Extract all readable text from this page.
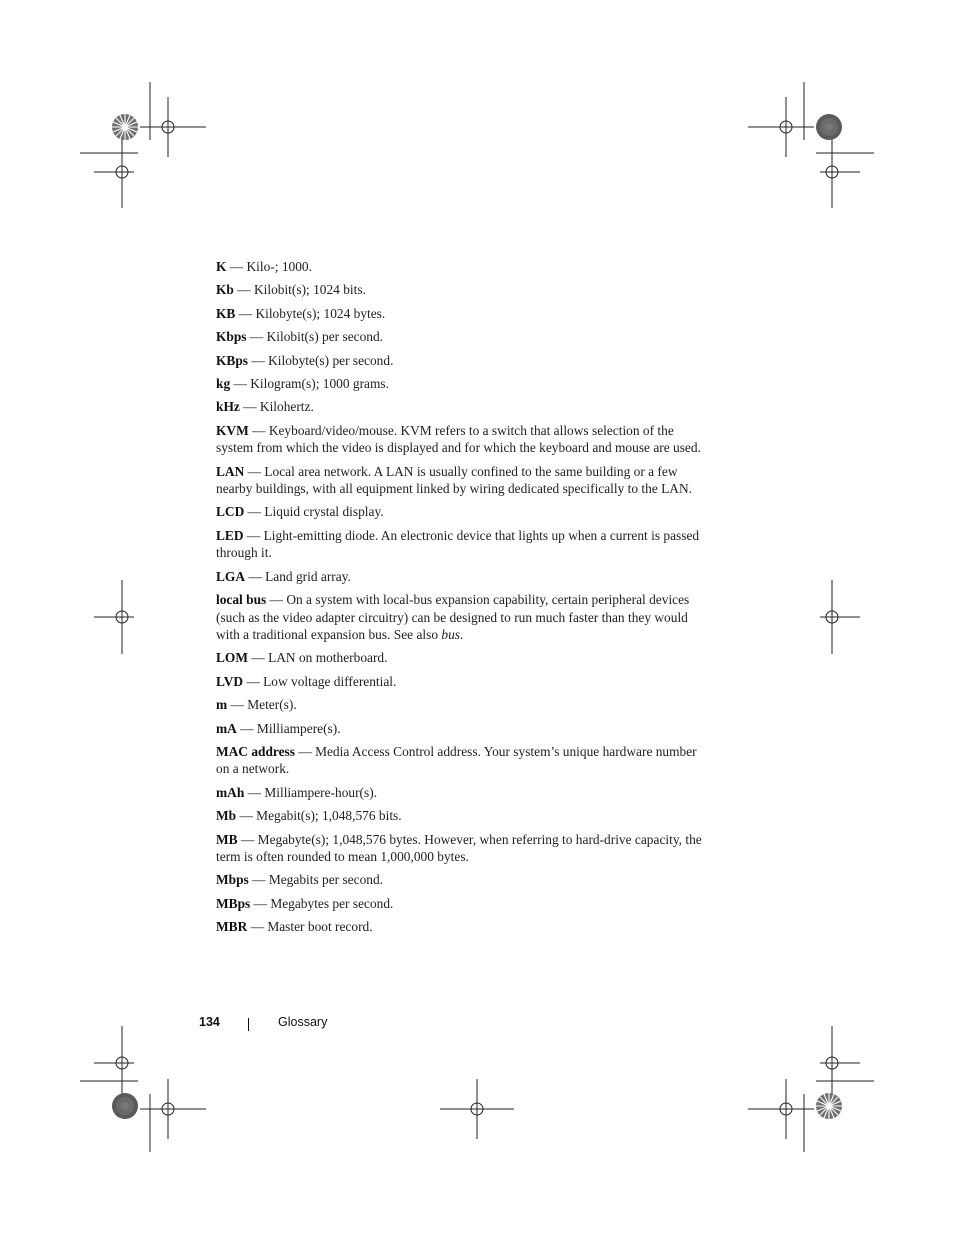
K — Kilo-; 1000.

Kb — Kilobit(s); 1024 bits.

KB — Kilobyte(s); 1024 bytes.

Kbps — Kilobit(s) per second.

KBps — Kilobyte(s) per second.

kg — Kilogram(s); 1000 grams.

kHz — Kilohertz.

KVM — Keyboard/video/mouse. KVM refers to a switch that allows selection of the system from which the video is displayed and for which the keyboard and mouse are used.

LAN — Local area network. A LAN is usually confined to the same building or a few nearby buildings, with all equipment linked by wiring dedicated specifically to the LAN.

LCD — Liquid crystal display.

LED — Light-emitting diode. An electronic device that lights up when a current is passed through it.

LGA — Land grid array.

local bus — On a system with local-bus expansion capability, certain peripheral devices (such as the video adapter circuitry) can be designed to run much faster than they would with a traditional expansion bus. See also bus.

LOM — LAN on motherboard.

LVD — Low voltage differential.

m — Meter(s).

mA — Milliampere(s).

MAC address — Media Access Control address. Your system’s unique hardware number on a network.

mAh — Milliampere-hour(s).

Mb — Megabit(s); 1,048,576 bits.

MB — Megabyte(s); 1,048,576 bytes. However, when referring to hard-drive capacity, the term is often rounded to mean 1,000,000 bytes.

Mbps — Megabits per second.

MBps — Megabytes per second.

MBR — Master boot record.

134	Glossary
